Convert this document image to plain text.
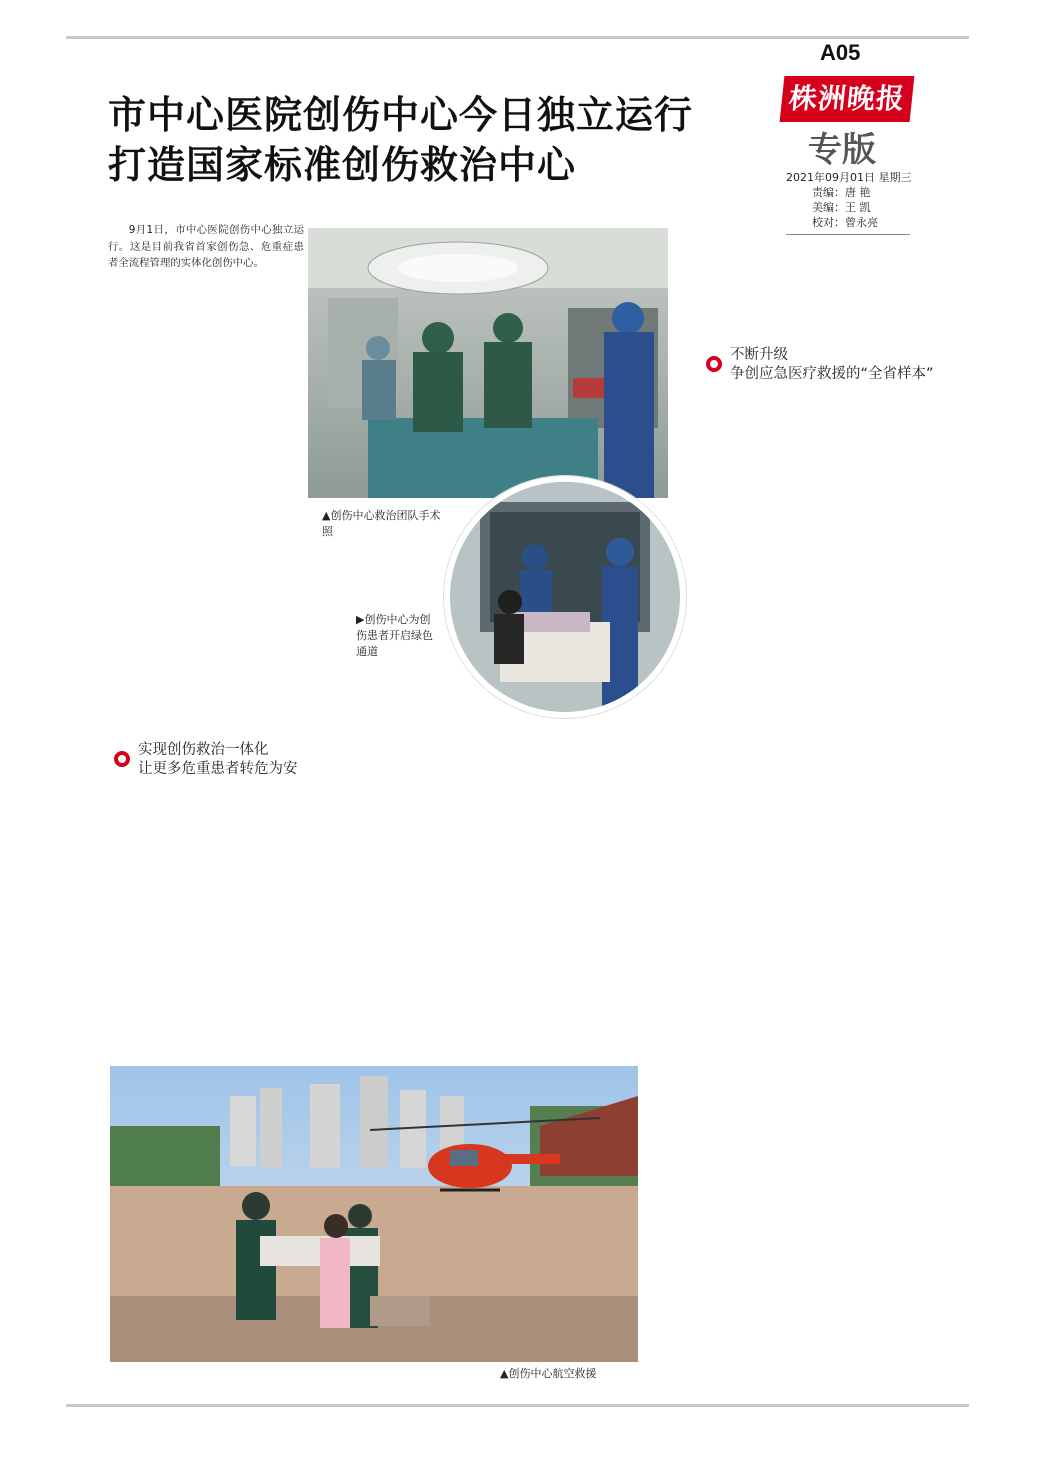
A05
株洲晚报
专版
2021年09月01日 星期三
责编：唐 艳
美编：王 凯
校对：曾永亮
市中心医院创伤中心今日独立运行
打造国家标准创伤救治中心

9月1日，市中心医院创伤中心独立运行。这是目前我省首家创伤急、危重症患者全流程管理的实体化创伤中心。

▲创伤中心救治团队手术照
▶创伤中心为创伤患者开启绿色通道
实现创伤救治一体化
让更多危重患者转危为安

不断升级
争创应急医疗救援的“全省样本”

▲创伤中心航空救援
